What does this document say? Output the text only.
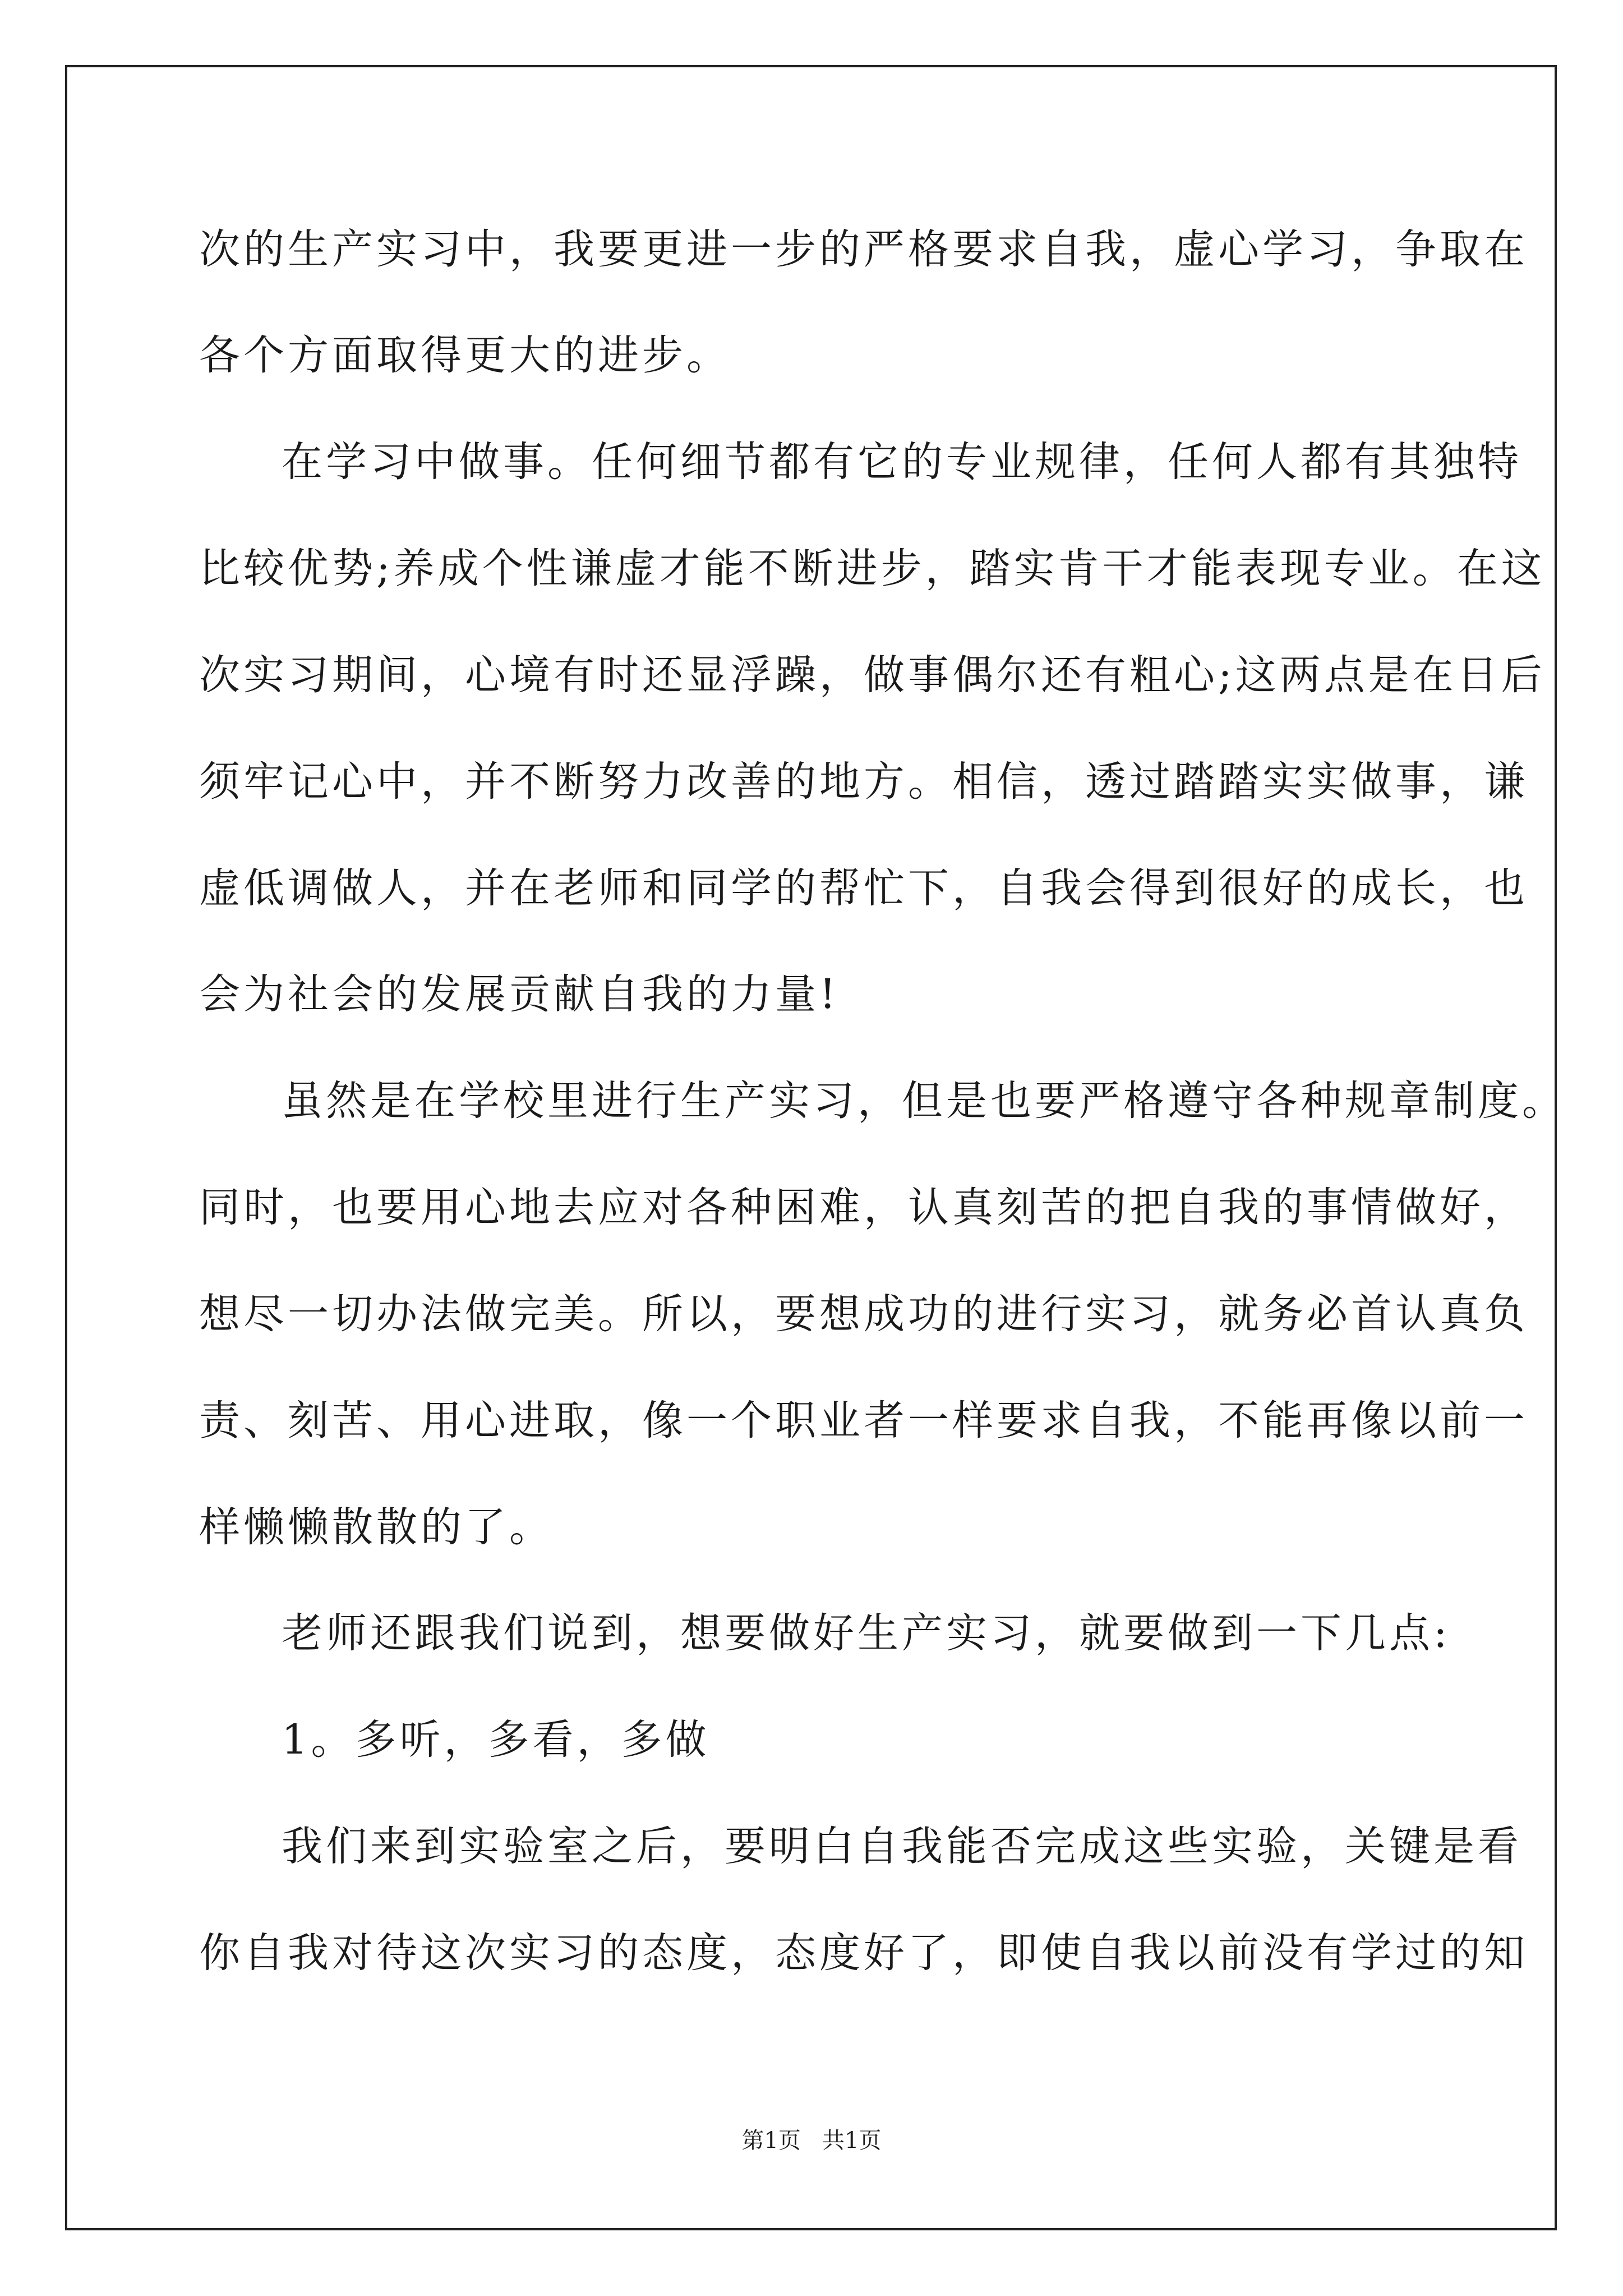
次的生产实习中，我要更进一步的严格要求自我，虚心学习，争取在
各个方面取得更大的进步。
在学习中做事。任何细节都有它的专业规律，任何人都有其独特
比较优势;养成个性谦虚才能不断进步，踏实肯干才能表现专业。在这
次实习期间，心境有时还显浮躁，做事偶尔还有粗心;这两点是在日后
须牢记心中，并不断努力改善的地方。相信，透过踏踏实实做事，谦
虚低调做人，并在老师和同学的帮忙下，自我会得到很好的成长，也
会为社会的发展贡献自我的力量!
虽然是在学校里进行生产实习，但是也要严格遵守各种规章制度。
同时，也要用心地去应对各种困难，认真刻苦的把自我的事情做好，
想尽一切办法做完美。所以，要想成功的进行实习，就务必首认真负
责、刻苦、用心进取，像一个职业者一样要求自我，不能再像以前一
样懒懒散散的了。
老师还跟我们说到，想要做好生产实习，就要做到一下几点:
1。多听，多看，多做
我们来到实验室之后，要明白自我能否完成这些实验，关键是看
你自我对待这次实习的态度，态度好了，即使自我以前没有学过的知
第1页   共1页
